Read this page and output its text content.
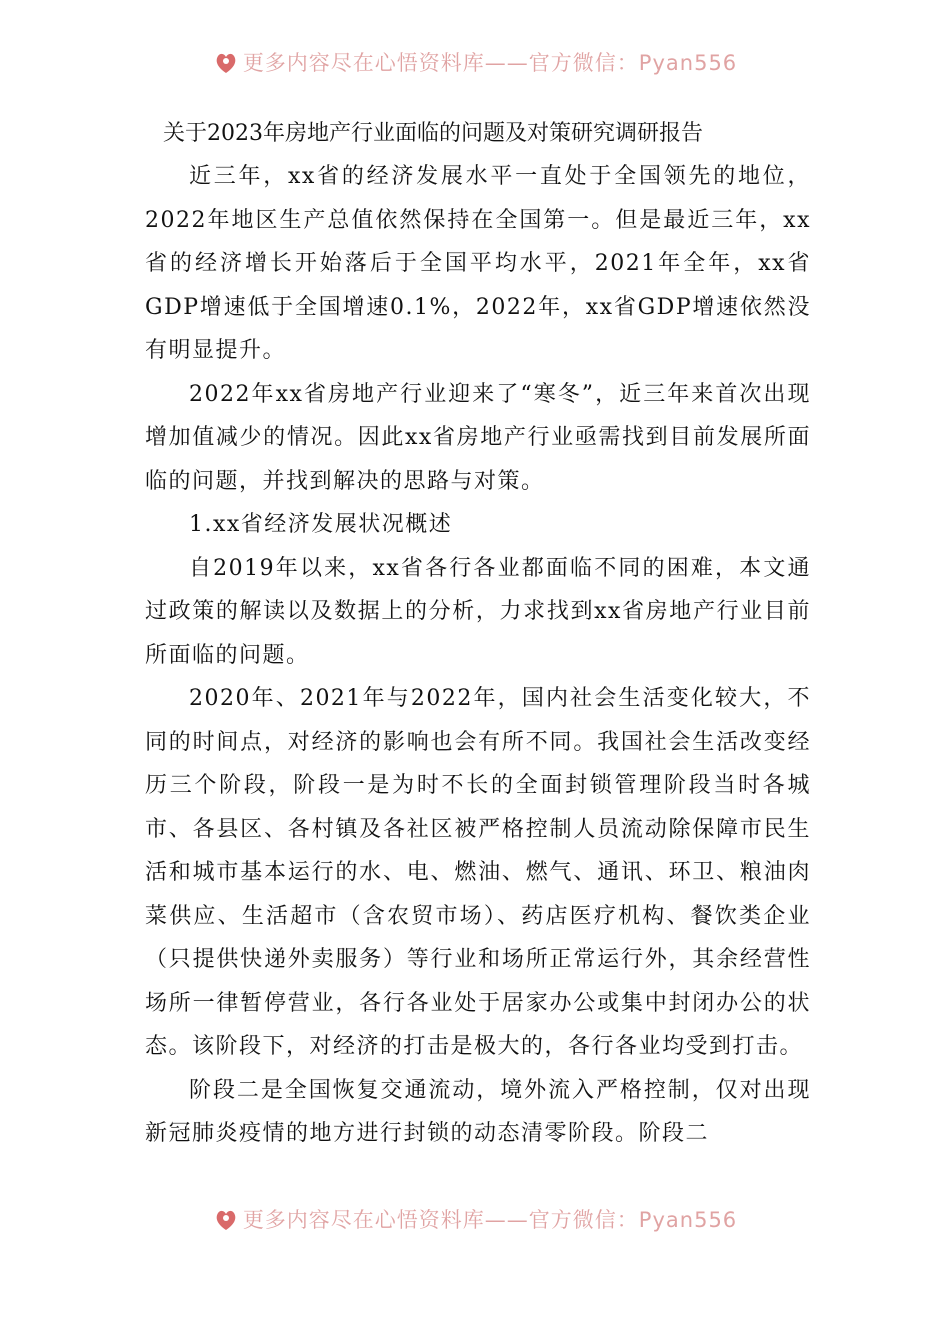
更多内容尽在心悟资料库——官方微信：Pyan556

关于2023年房地产行业面临的问题及对策研究调研报告

近三年，xx省的经济发展水平一直处于全国领先的地位，2022年地区生产总值依然保持在全国第一。但是最近三年，xx省的经济增长开始落后于全国平均水平，2021年全年，xx省GDP增速低于全国增速0.1%，2022年，xx省GDP增速依然没有明显提升。

2022年xx省房地产行业迎来了“寒冬”，近三年来首次出现增加值减少的情况。因此xx省房地产行业亟需找到目前发展所面临的问题，并找到解决的思路与对策。

1.xx省经济发展状况概述

自2019年以来，xx省各行各业都面临不同的困难，本文通过政策的解读以及数据上的分析，力求找到xx省房地产行业目前所面临的问题。

2020年、2021年与2022年，国内社会生活变化较大，不同的时间点，对经济的影响也会有所不同。我国社会生活改变经历三个阶段，阶段一是为时不长的全面封锁管理阶段当时各城市、各县区、各村镇及各社区被严格控制人员流动除保障市民生活和城市基本运行的水、电、燃油、燃气、通讯、环卫、粮油肉菜供应、生活超市（含农贸市场）、药店医疗机构、餐饮类企业（只提供快递外卖服务）等行业和场所正常运行外，其余经营性场所一律暂停营业，各行各业处于居家办公或集中封闭办公的状态。该阶段下，对经济的打击是极大的，各行各业均受到打击。

阶段二是全国恢复交通流动，境外流入严格控制，仅对出现新冠肺炎疫情的地方进行封锁的动态清零阶段。阶段二

更多内容尽在心悟资料库——官方微信：Pyan556
